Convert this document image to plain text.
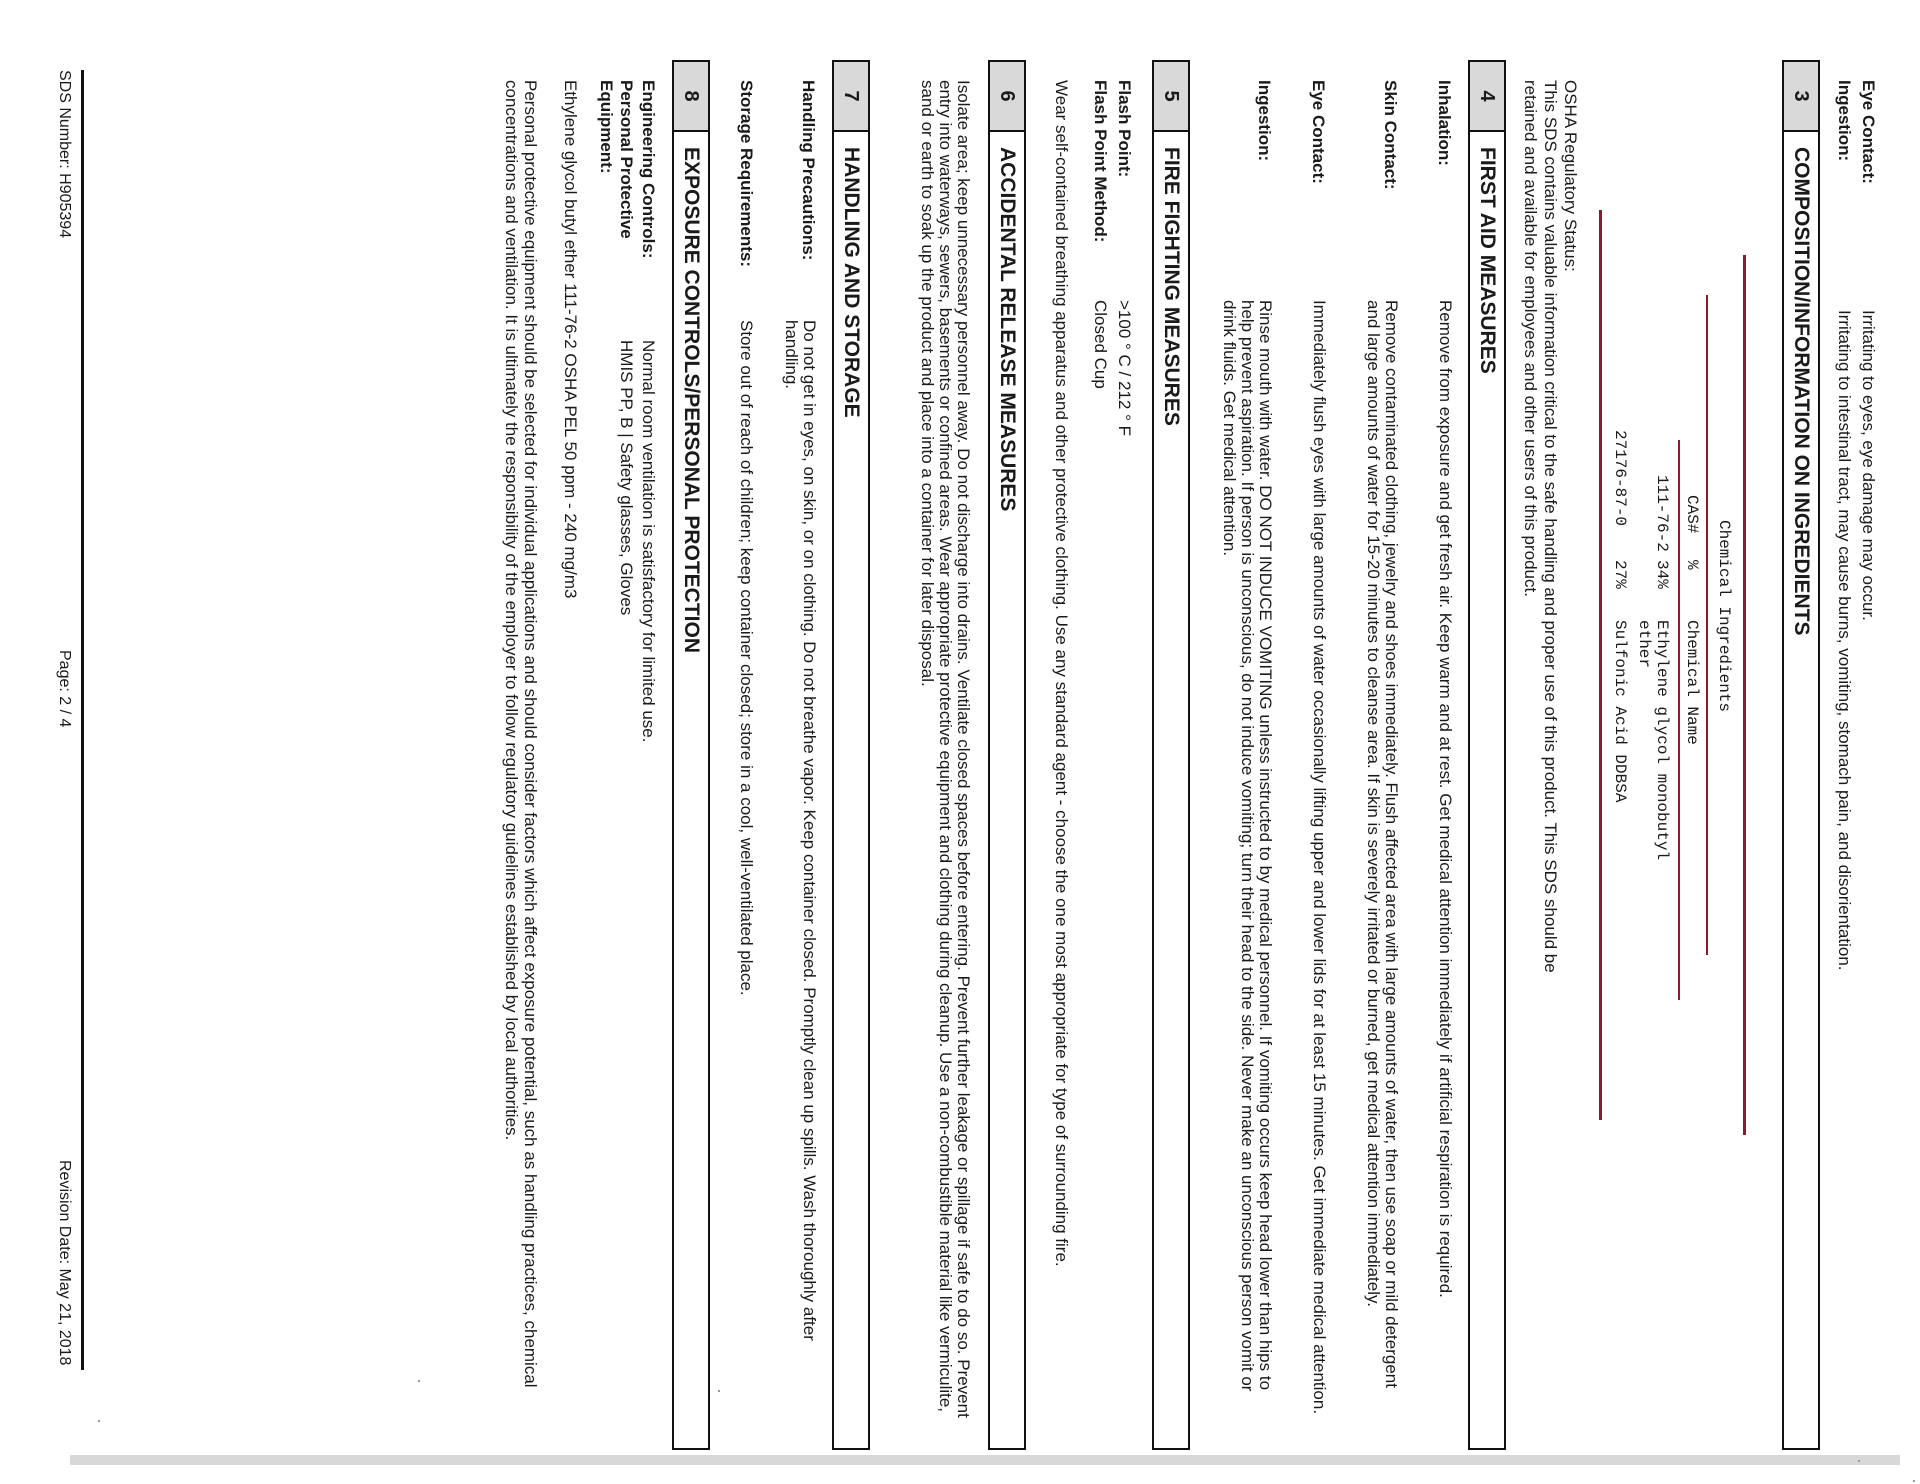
Eye Contact:
Irritating to eyes, eye damage may occur.
Ingestion:
Irritating to intestinal tract, may cause burns, vomiting, stomach pain, and disorientation.
3
COMPOSITION/INFORMATION ON INGREDIENTS
Chemical Ingredients
CAS#
%
Chemical Name
111-76-2
34%
Ethylene glycol monobutyl
ether
27176-87-0
27%
Sulfonic Acid DDBSA
OSHA Regulatory Status:
This SDS contains valuable information critical to the safe handling and proper use of this product. This SDS should be
retained and available for employees and other users of this product.
4
FIRST AID MEASURES
Inhalation:
Remove from exposure and get fresh air. Keep warm and at rest. Get medical attention immediately if artificial respiration is required.
Skin Contact:
Remove contaminated clothing, jewelry and shoes immediately. Flush affected area with large amounts of water, then use soap or mild detergent and large amounts of water for 15-20 minutes to cleanse area. If skin is severely irritated or burned, get medical attention immediately.
Eye Contact:
Immediately flush eyes with large amounts of water occasionally lifting upper and lower lids for at least 15 minutes. Get immediate medical attention.
Ingestion:
Rinse mouth with water. DO NOT INDUCE VOMITING unless instructed to by medical personnel. If vomiting occurs keep head lower than hips to help prevent aspiration. If person is unconscious, do not induce vomiting; turn their head to the side. Never make an unconscious person vomit or drink fluids. Get medical attention.
5
FIRE FIGHTING MEASURES
Flash Point:
>100 ° C / 212 ° F
Flash Point Method:
Closed Cup
Wear self-contained breathing apparatus and other protective clothing. Use any standard agent - choose the one most appropriate for type of surrounding fire.
6
ACCIDENTAL RELEASE MEASURES
Isolate area; keep unnecessary personnel away. Do not discharge into drains. Ventilate closed spaces before entering. Prevent further leakage or spillage if safe to do so. Prevent entry into waterways, sewers, basements or confined areas. Wear appropriate protective equipment and clothing during cleanup. Use a non-combustible material like vermiculite, sand or earth to soak up the product and place into a container for later disposal.
7
HANDLING AND STORAGE
Handling Precautions:
Do not get in eyes, on skin, or on clothing. Do not breathe vapor. Keep container closed. Promptly clean up spills. Wash thoroughly after handling.
Storage Requirements:
Store out of reach of children; keep container closed; store in a cool, well-ventilated place.
8
EXPOSURE CONTROLS/PERSONAL PROTECTION
Engineering Controls:
Normal room ventilation is satisfactory for limited use.
Personal Protective
HMIS PP, B | Safety glasses, Gloves
Equipment:
Ethylene glycol butyl ether 111-76-2 OSHA PEL 50 ppm - 240 mg/m3
Personal protective equipment should be selected for individual applications and should consider factors which affect exposure potential, such as handling practices, chemical concentrations and ventilation. It is ultimately the responsibility of the employer to follow regulatory guidelines established by local authorities.
SDS Number: H905394
Page: 2 / 4
Revision Date: May 21, 2018
